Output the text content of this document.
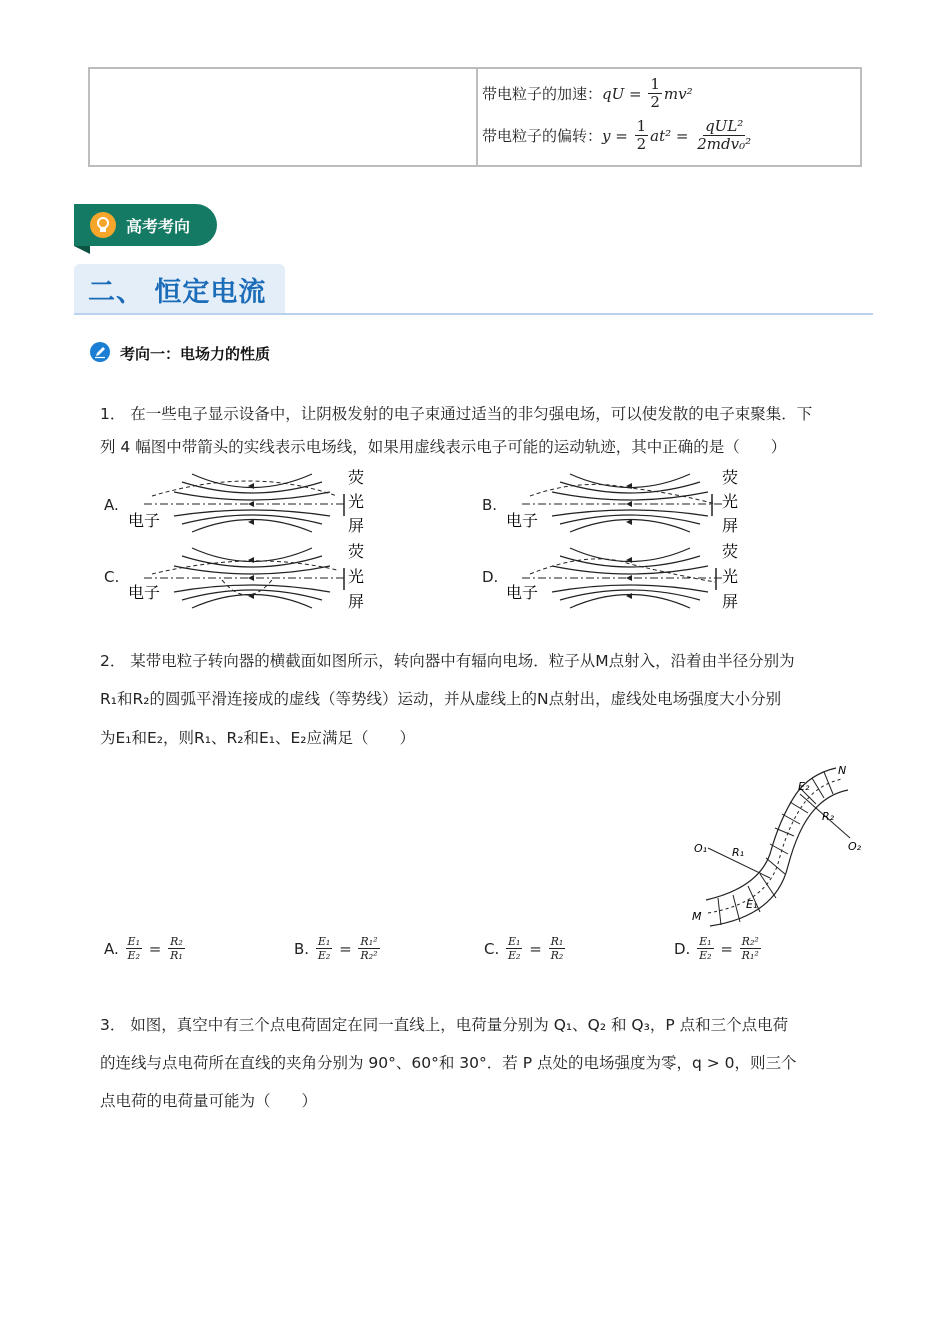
带电粒子的加速： qU = $\frac{1}{2} mv^2$
带电粒子的偏转： $y = \frac{1}{2} at^2 = \frac{\text{qUL²}}{\text{2mdv₀²}}$
高考考向
二、 恒定电流
考向一：电场力的性质
1． 在一些电子显示设备中，让阴极发射的电子束通过适当的非匀强电场，可以使发散的电子束聚集．下
列 4 幅图中带箭头的实线表示电场线，如果用虚线表示电子可能的运动轨迹，其中正确的是（　　）
A.	B.
C.	D.
电子
荧
光
屏	电子
荧
光
屏
电子
荧
光
屏	电子
荧
光
屏
2． 某带电粒子转向器的横截面如图所示，转向器中有辐向电场．粒子从M点射入，沿着由半径分别为
R₁和R₂的圆弧平滑连接成的虚线（等势线）运动，并从虚线上的N点射出，虚线处电场强度大小分别
为E₁和E₂，则R₁、R₂和E₁、E₂应满足（　　）
N
M
O₁	O₂
R₁
R₂
E₁
E₂
A.
$\frac{\text{E₁}}{\text{E₂}} = \frac{\text{R₂}}{\text{R₁}}$	B.
$\frac{\text{E₁}}{\text{E₂}} = \frac{\text{R₁²}}{\text{R₂²}}$	C.
$\frac{\text{E₁}}{\text{E₂}} = \frac{\text{R₁}}{\text{R₂}}$	D.
$\frac{\text{E₁}}{\text{E₂}} = \frac{\text{R₂²}}{\text{R₁²}}$
3． 如图，真空中有三个点电荷固定在同一直线上，电荷量分别为 Q₁、Q₂ 和 Q₃，P 点和三个点电荷
的连线与点电荷所在直线的夹角分别为 90°、60°和 30°．若 P 点处的电场强度为零，q > 0，则三个
点电荷的电荷量可能为（　　）
